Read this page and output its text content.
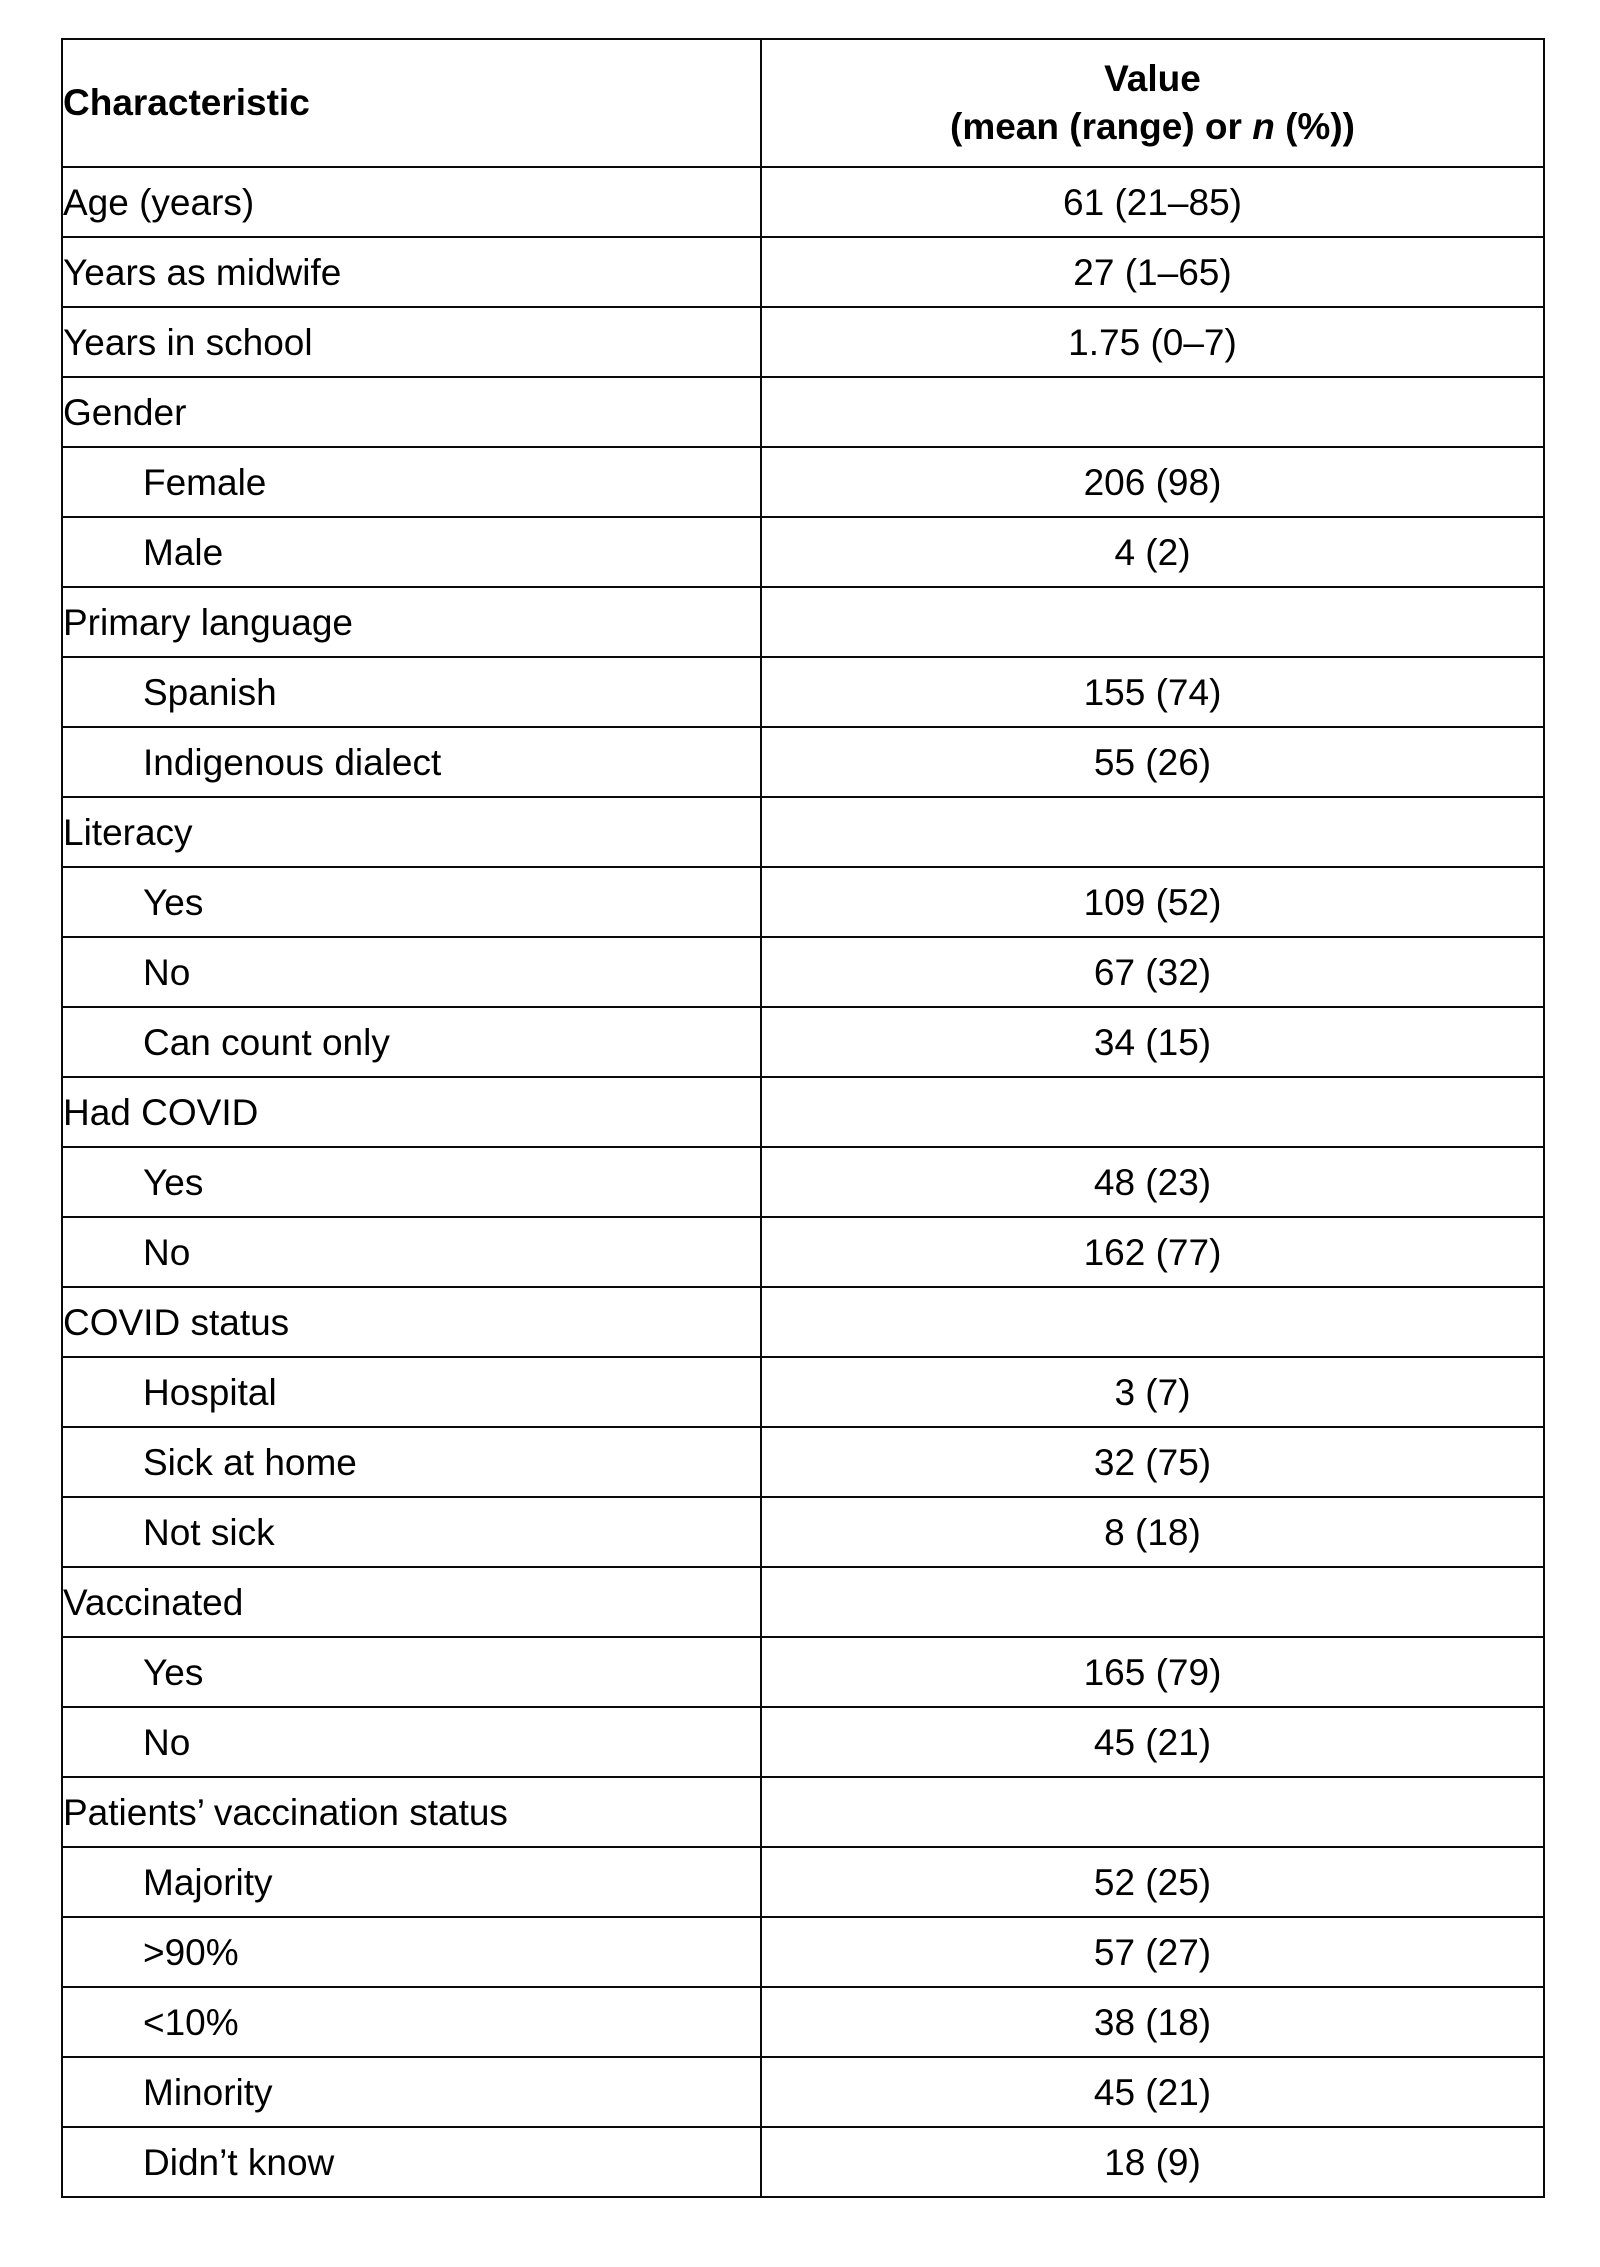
Characteristic	Value
(mean (range) or n (%))

Age (years)	61 (21–85)
Years as midwife	27 (1–65)
Years in school	1.75 (0–7)
Gender	
Female	206 (98)
Male	4 (2)
Primary language	
Spanish	155 (74)
Indigenous dialect	55 (26)
Literacy	
Yes	109 (52)
No	67 (32)
Can count only	34 (15)
Had COVID	
Yes	48 (23)
No	162 (77)
COVID status	
Hospital	3 (7)
Sick at home	32 (75)
Not sick	8 (18)
Vaccinated	
Yes	165 (79)
No	45 (21)
Patients’ vaccination status	
Majority	52 (25)
>90%	57 (27)
<10%	38 (18)
Minority	45 (21)
Didn’t know	18 (9)
